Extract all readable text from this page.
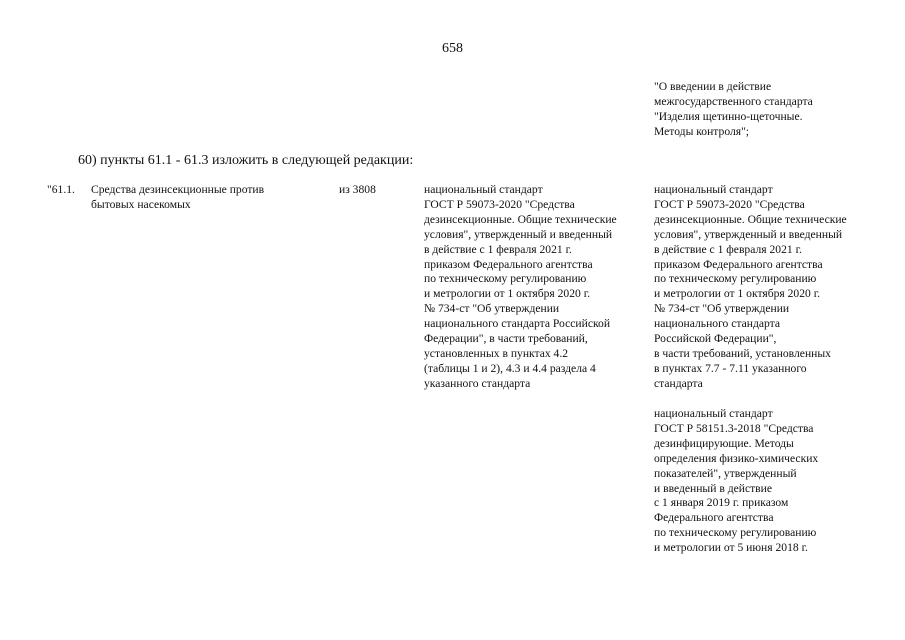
658
"О введении в действие
межгосударственного стандарта
"Изделия щетинно-щеточные.
Методы контроля";
60) пункты 61.1 - 61.3 изложить в следующей редакции:
"61.1. Средства дезинсекционные против
бытовых насекомых
из 3808	национальный стандарт
ГОСТ Р 59073-2020 "Средства
дезинсекционные. Общие технические
условия", утвержденный и введенный
в действие с 1 февраля 2021 г.
приказом Федерального агентства
по техническому регулированию
и метрологии от 1 октября 2020 г.
№ 734-ст "Об утверждении
национального стандарта Российской
Федерации", в части требований,
установленных в пунктах 4.2
(таблицы 1 и 2), 4.3 и 4.4 раздела 4
указанного стандарта
национальный стандарт
ГОСТ Р 59073-2020 "Средства
дезинсекционные. Общие технические
условия", утвержденный и введенный
в действие с 1 февраля 2021 г.
приказом Федерального агентства
по техническому регулированию
и метрологии от 1 октября 2020 г.
№ 734-ст "Об утверждении
национального стандарта
Российской Федерации",
в части требований, установленных
в пунктах 7.7 - 7.11 указанного
стандарта
национальный стандарт
ГОСТ Р 58151.3-2018 "Средства
дезинфицирующие. Методы
определения физико-химических
показателей", утвержденный
и введенный в действие
с 1 января 2019 г. приказом
Федерального агентства
по техническому регулированию
и метрологии от 5 июня 2018 г.
